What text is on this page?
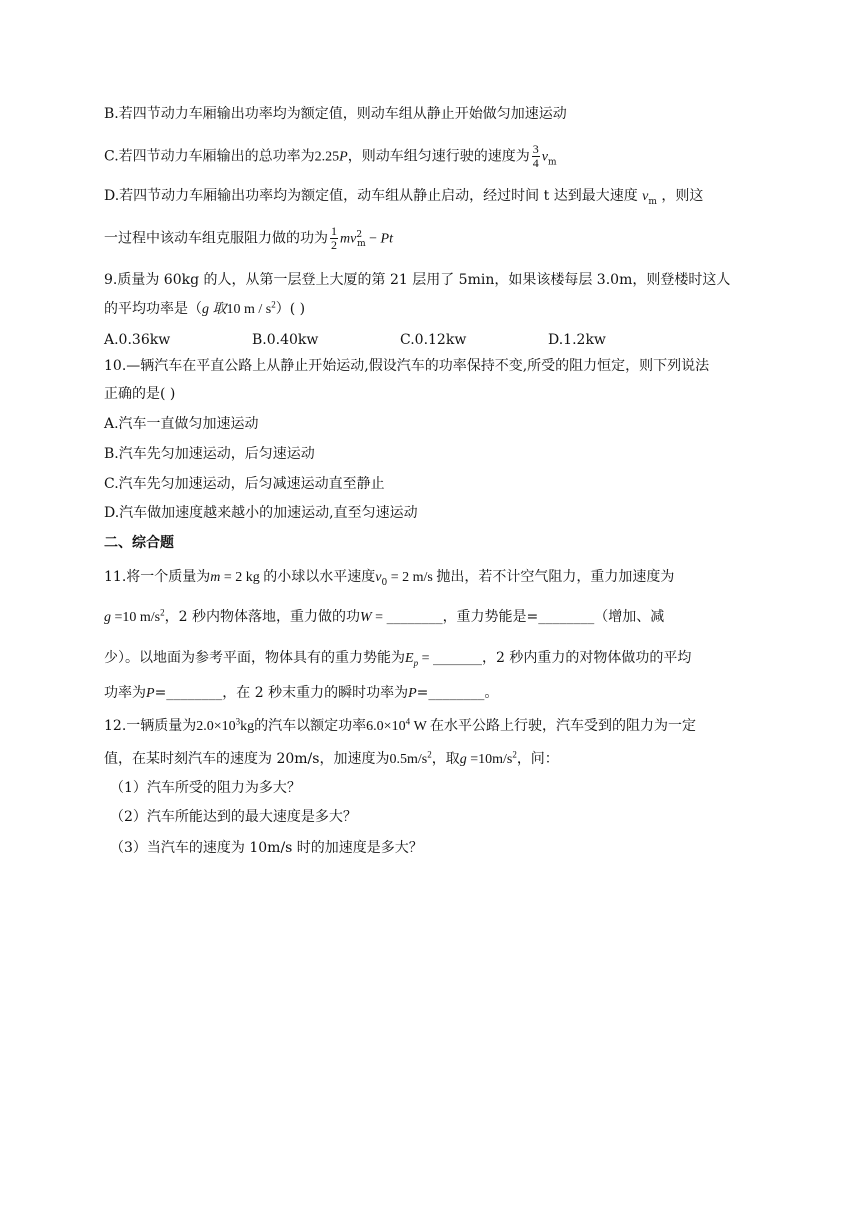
B.若四节动力车厢输出功率均为额定值，则动车组从静止开始做匀加速运动
C.若四节动力车厢输出的总功率为2.25P，则动车组匀速行驶的速度为 $\frac{3}{4} v_m$
D.若四节动力车厢输出功率均为额定值，动车组从静止启动，经过时间 t 达到最大速度 $v_m$ ，则这
一过程中该动车组克服阻力做的功为 $\frac{1}{2} mv^2_m - Pt$
9.质量为 60kg 的人，从第一层登上大厦的第 21 层用了 5min，如果该楼每层 3.0m，则登楼时这人
的平均功率是（g 取10 m / $s^2$）( )
A.0.36kw	B.0.40kw	C.0.12kw	D.1.2kw
10.—辆汽车在平直公路上从静止开始运动,假设汽车的功率保持不变,所受的阻力恒定，则下列说法
正确的是( )
A.汽车一直做匀加速运动
B.汽车先匀加速运动，后匀速运动
C.汽车先匀加速运动，后匀减速运动直至静止
D.汽车做加速度越来越小的加速运动,直至匀速运动
二、综合题
11.将一个质量为m = 2 kg 的小球以水平速度$v_0 = 2$ m/s 抛出，若不计空气阻力，重力加速度为
g =10 $m/s^2$，2 秒内物体落地，重力做的功W = ________，重力势能是=________（增加、减
少）。以地面为参考平面，物体具有的重力势能为$E_p$ = _______，2 秒内重力的对物体做功的平均
功率为P=________，在 2 秒末重力的瞬时功率为P=________。
12.一辆质量为$2.0\times 10^3kg$的汽车以额定功率$6.0\times 10^4$ W 在水平公路上行驶，汽车受到的阻力为一定
值，在某时刻汽车的速度为 20m/s，加速度为$0.5m/s^2$，取$g =10m/s^2$，问：
（1）汽车所受的阻力为多大？
（2）汽车所能达到的最大速度是多大？
（3）当汽车的速度为 10m/s 时的加速度是多大？
